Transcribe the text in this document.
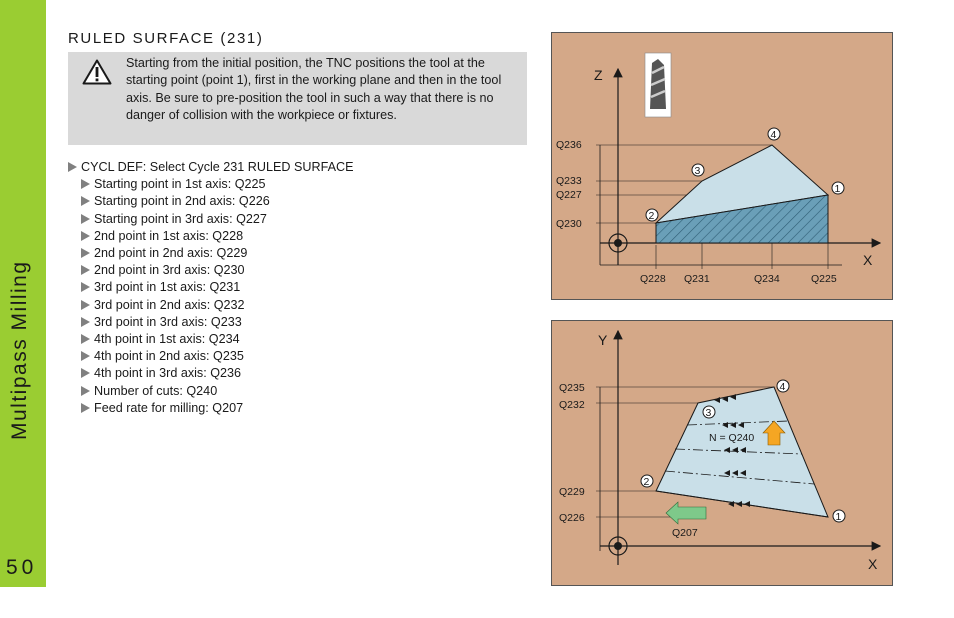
Multipass Milling
50
RULED SURFACE (231)
Starting from the initial position, the TNC positions the tool at the starting point (point 1), first in the working plane and then in the tool axis. Be sure to pre-position the tool in such a way that there is no danger of collision with the workpiece or fixtures.
CYCL DEF: Select Cycle 231 RULED SURFACE
Starting point in 1st axis: Q225
Starting point in 2nd axis: Q226
Starting point in 3rd axis: Q227
2nd point in 1st axis: Q228
2nd point in 2nd axis: Q229
2nd point in 3rd axis: Q230
3rd point in 1st axis: Q231
3rd point in 2nd axis: Q232
3rd point in 3rd axis: Q233
4th point in 1st axis: Q234
4th point in 2nd axis: Q235
4th point in 3rd axis: Q236
Number of cuts: Q240
Feed rate for milling: Q207
Z
X
1
2
3
4
Q236
Q233
Q227
Q230
Q228 Q231	Q234	Q225
Y
X
N = Q240
Q207
1
2
3
4
Q235
Q232
Q229
Q226
